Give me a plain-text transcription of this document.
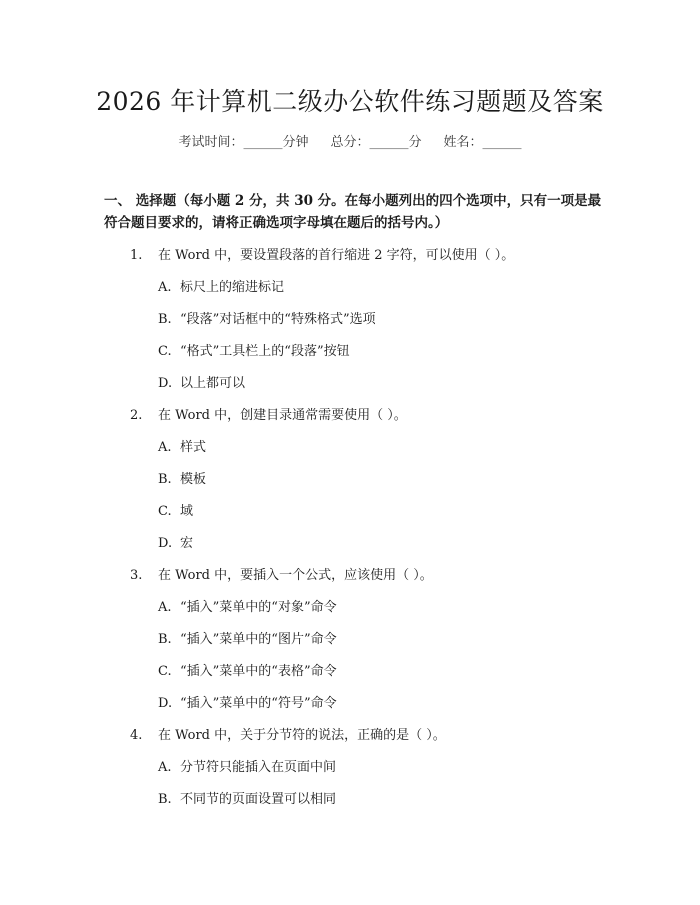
2026 年计算机二级办公软件练习题题及答案
考试时间：______分钟 总分：______分 姓名：______
一、 选择题（每小题 2 分，共 30 分。在每小题列出的四个选项中，只有一项是最符合题目要求的，请将正确选项字母填在题后的括号内。）
1. 在 Word 中，要设置段落的首行缩进 2 字符，可以使用（ ）。
A. 标尺上的缩进标记
B. “段落”对话框中的“特殊格式”选项
C. “格式”工具栏上的“段落”按钮
D. 以上都可以
2. 在 Word 中，创建目录通常需要使用（ ）。
A. 样式
B. 模板
C. 域
D. 宏
3. 在 Word 中，要插入一个公式，应该使用（ ）。
A. “插入”菜单中的“对象”命令
B. “插入”菜单中的“图片”命令
C. “插入”菜单中的“表格”命令
D. “插入”菜单中的“符号”命令
4. 在 Word 中，关于分节符的说法，正确的是（ ）。
A. 分节符只能插入在页面中间
B. 不同节的页面设置可以相同
